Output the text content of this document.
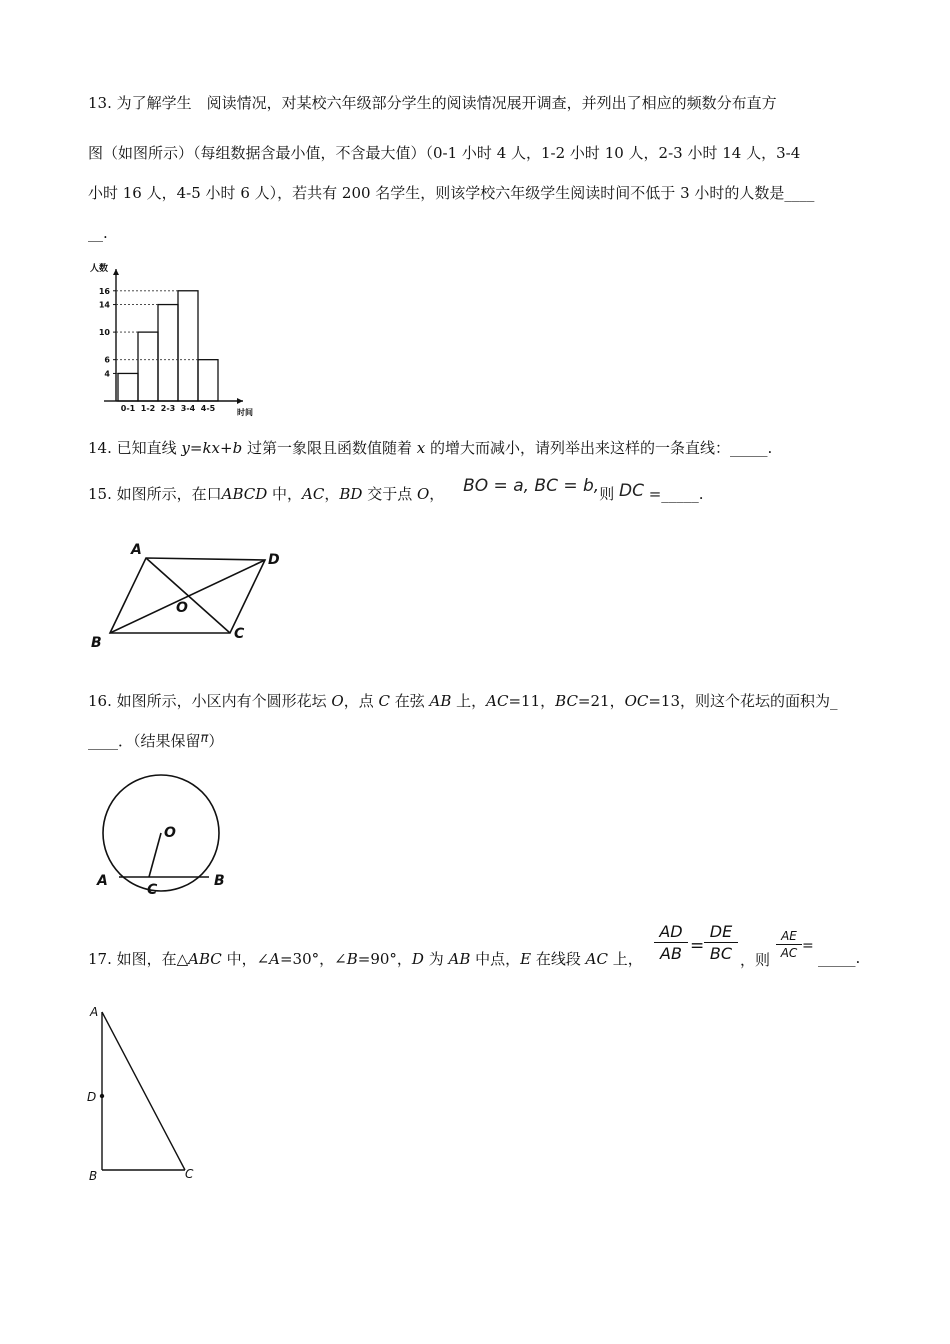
13. 为了解学生　阅读情况，对某校六年级部分学生的阅读情况展开调查，并列出了相应的频数分布直方
图（如图所示）（每组数据含最小值，不含最大值）（0-1 小时 4 人，1-2 小时 10 人，2-3 小时 14 人，3-4
小时 16 人，4-5 小时 6 人），若共有 200 名学生，则该学校六年级学生阅读时间不低于 3 小时的人数是____
__.
0-1 1-2 2-3 3-4 4-5
4
6
10
14
16
人数
时间
14. 已知直线 y=kx+b 过第一象限且函数值随着 x 的增大而减小，请列举出来这样的一条直线：_____.
15. 如图所示，在口ABCD 中，AC，BD 交于点 O， BO = a, BC = b,则 DC =_____.
A
D
O
B
C
16. 如图所示，小区内有个圆形花坛 O，点 C 在弦 AB 上，AC=11，BC=21，OC=13，则这个花坛的面积为_
____．（结果保留π）
O
A	B
C
17. 如图，在△ABC 中，∠A=30°，∠B=90°，D 为 AB 中点，E 在线段 AC 上，
AD
AB =
DE
BC ，则
AE
AC =
_____.
A
D
B	C
